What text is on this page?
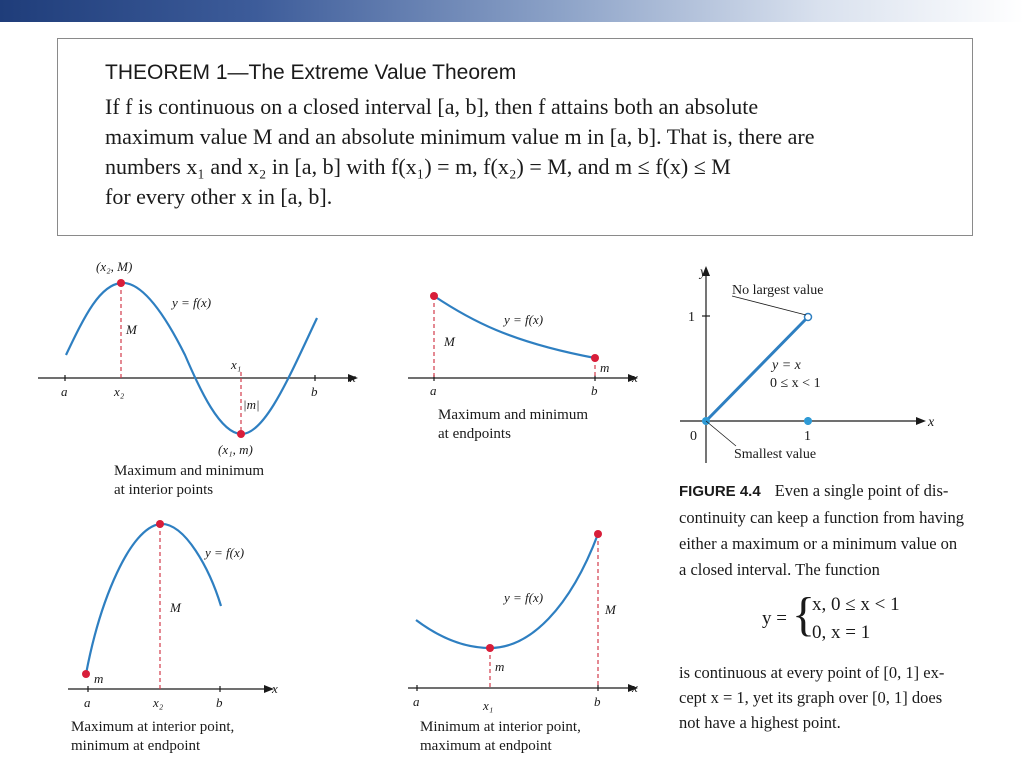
THEOREM 1—The Extreme Value Theorem
If f is continuous on a closed interval [a, b], then f attains both an absolute
maximum value M and an absolute minimum value m in [a, b]. That is, there are
numbers x₁ and x₂ in [a, b] with f(x₁) = m, f(x₂) = M, and m ≤ f(x) ≤ M
for every other x in [a, b].
(x₂, M)
y = f(x)
M
x₁
|m|
(x₁, m)
a	x₂	b
x
Maximum and minimum
at interior points
y = f(x)
M
m
a	b
x
Maximum and minimum
at endpoints
y = f(x)
M
m
a	x₂	b
x
Maximum at interior point,
minimum at endpoint
y = f(x)
M
m
a	x₁	b
x
Minimum at interior point,
maximum at endpoint
y
No largest value
1
y = x
0 ≤ x < 1
x
0	1
Smallest value
FIGURE 4.4 Even a single point of dis-
continuity can keep a function from having
either a maximum or a minimum value on
a closed interval. The function
y = {
x, 0 ≤ x < 1
0, x = 1
is continuous at every point of [0, 1] ex-
cept x = 1, yet its graph over [0, 1] does
not have a highest point.
